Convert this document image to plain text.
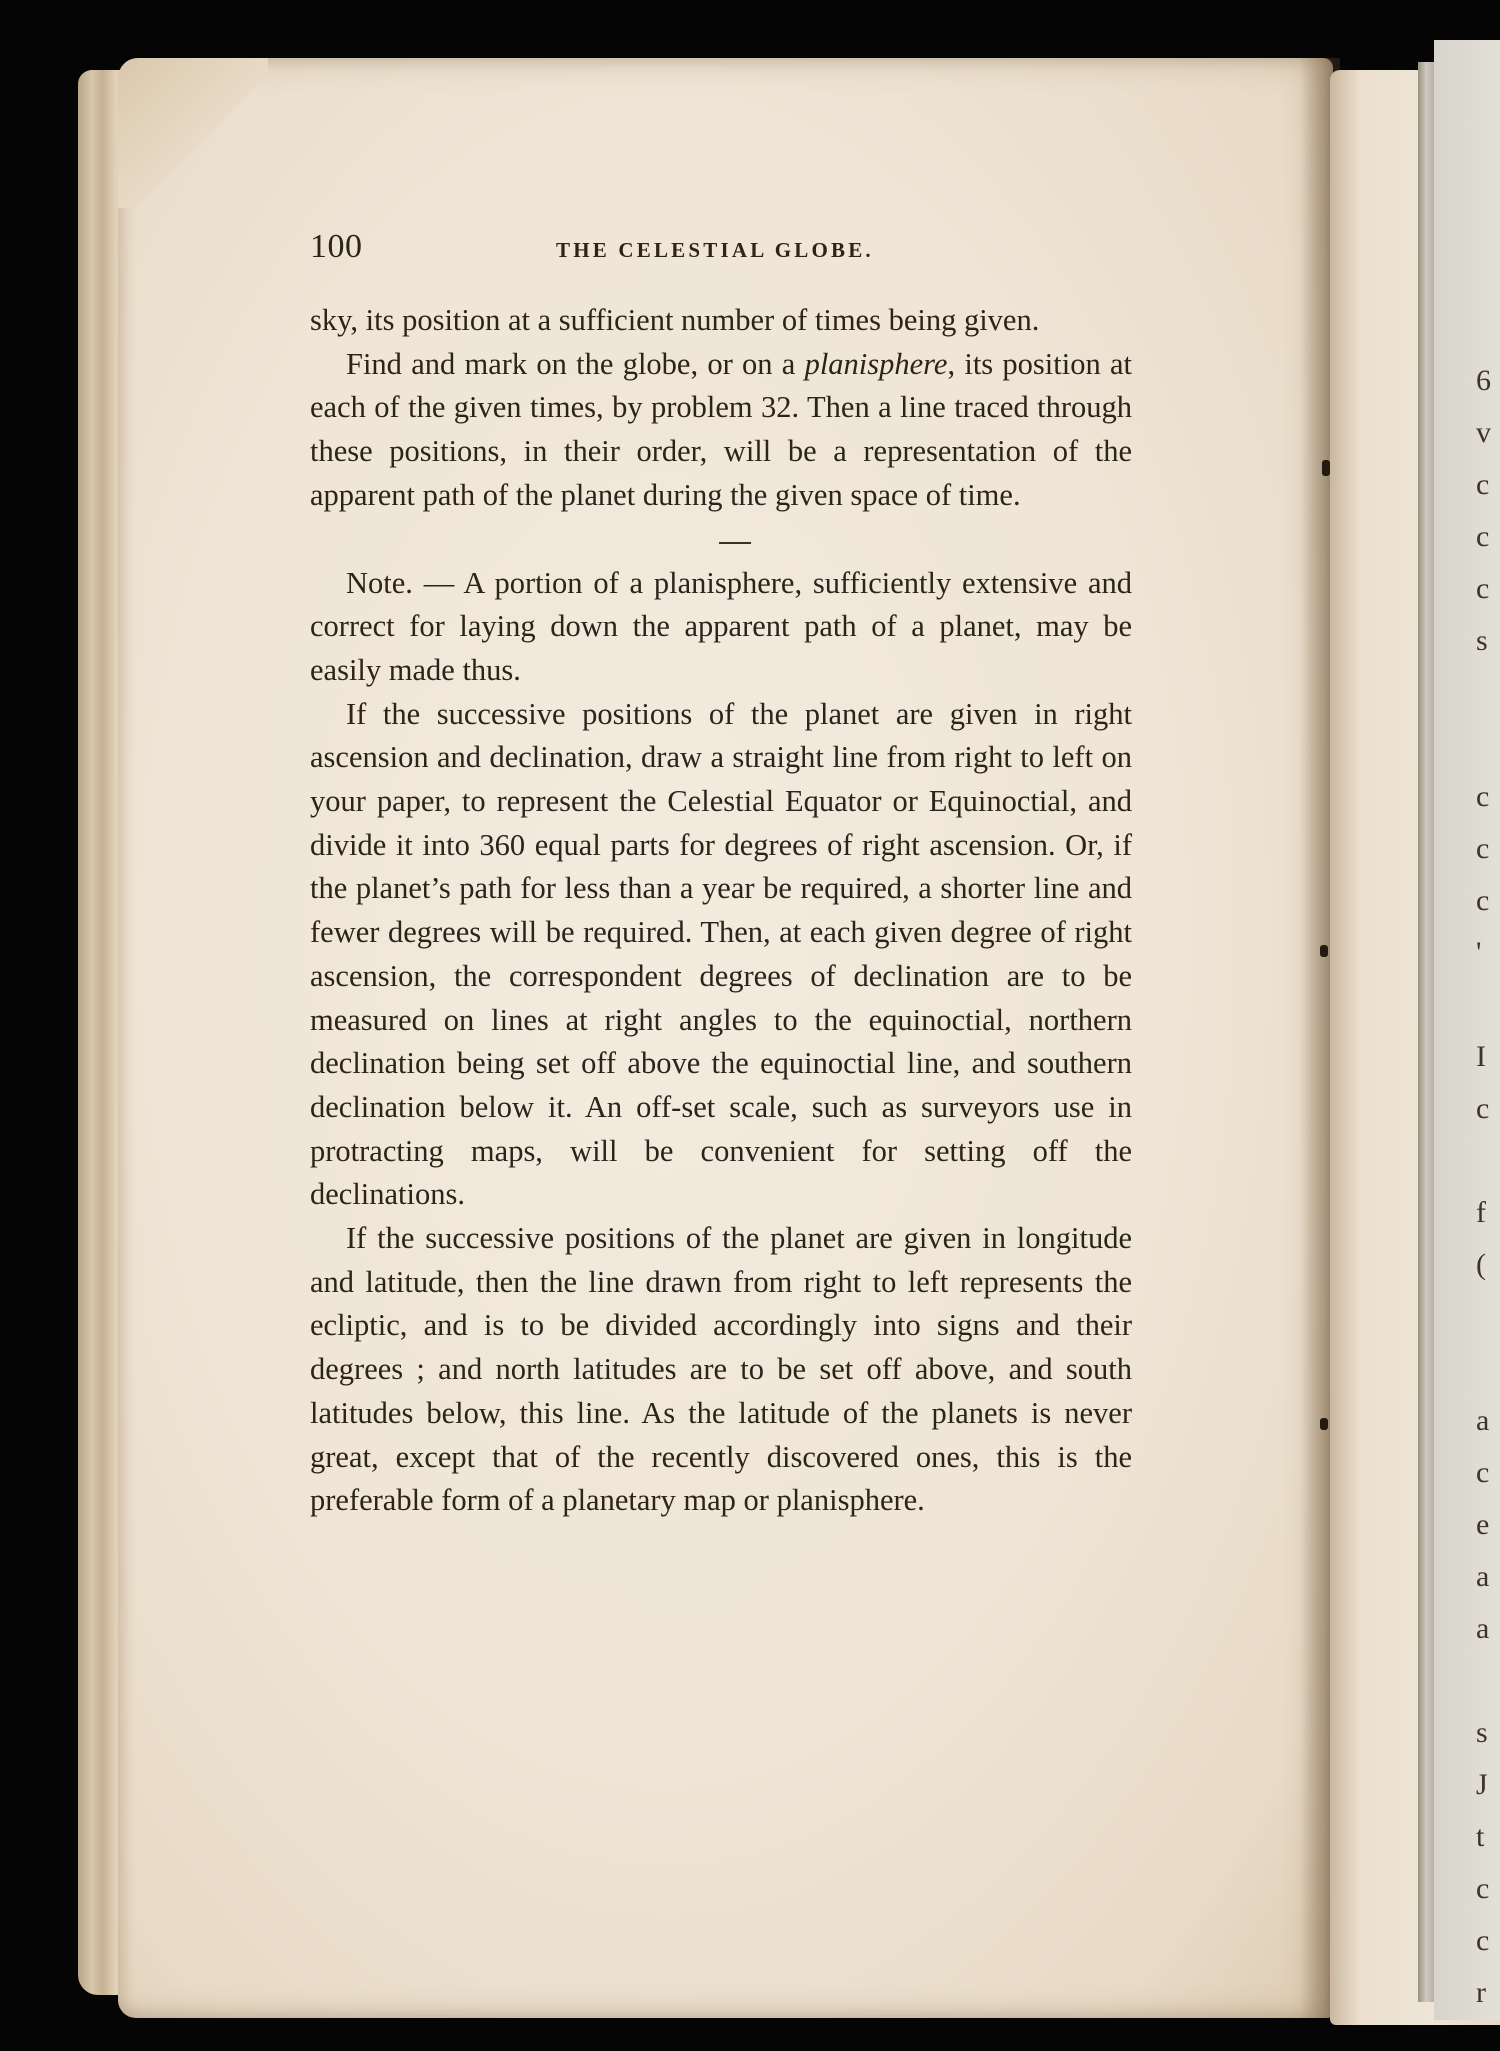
6
v
c
c
c
s

c
c
c
'

I
c

f
(

a
c
e
a
a

s
J
t
c
c
r
100	THE CELESTIAL GLOBE.

sky, its position at a sufficient number of times being given.

Find and mark on the globe, or on a planisphere, its position at each of the given times, by problem 32. Then a line traced through these positions, in their order, will be a representation of the apparent path of the planet during the given space of time.

Note. — A portion of a planisphere, sufficiently extensive and correct for laying down the apparent path of a planet, may be easily made thus.

If the successive positions of the planet are given in right ascension and declination, draw a straight line from right to left on your paper, to represent the Celestial Equator or Equinoctial, and divide it into 360 equal parts for degrees of right ascension. Or, if the planet’s path for less than a year be required, a shorter line and fewer degrees will be required. Then, at each given degree of right ascension, the correspondent degrees of declination are to be measured on lines at right angles to the equinoctial, northern declination being set off above the equinoctial line, and southern declination below it. An off-set scale, such as surveyors use in protracting maps, will be convenient for setting off the declinations.

If the successive positions of the planet are given in longitude and latitude, then the line drawn from right to left represents the ecliptic, and is to be divided accordingly into signs and their degrees ; and north latitudes are to be set off above, and south latitudes below, this line. As the latitude of the planets is never great, except that of the recently discovered ones, this is the preferable form of a planetary map or planisphere.
